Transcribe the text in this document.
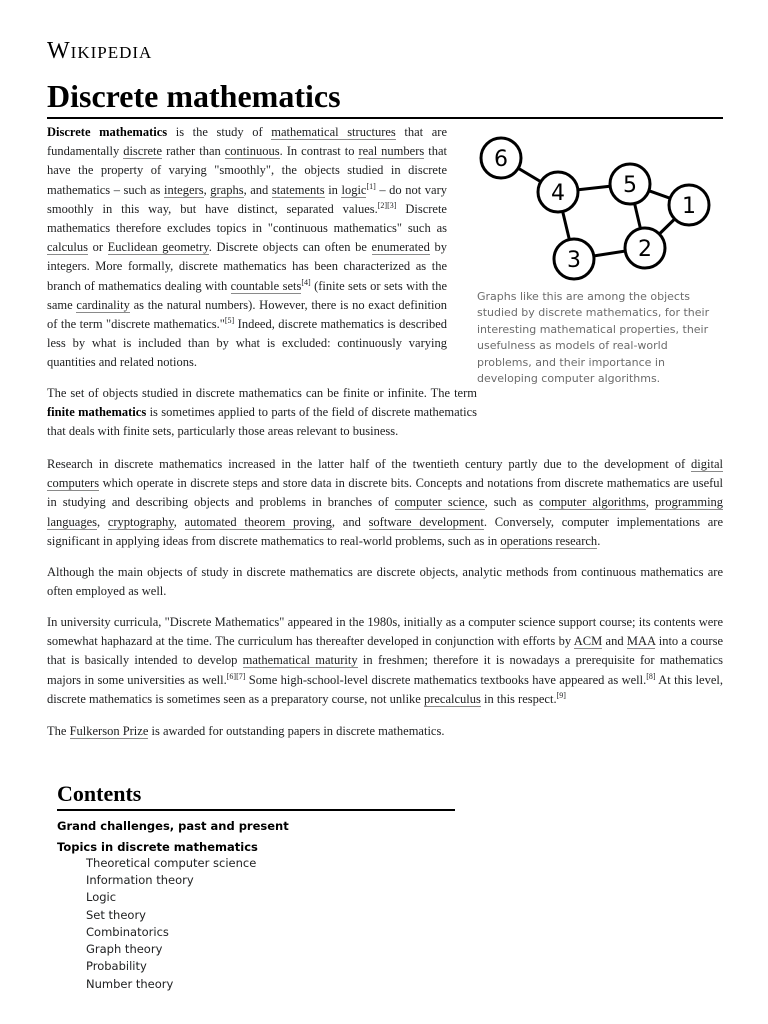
Wikipedia
Discrete mathematics

Discrete mathematics is the study of mathematical structures that are fundamentally discrete rather than continuous. In contrast to real numbers that have the property of varying "smoothly", the objects studied in discrete mathematics – such as integers, graphs, and statements in logic[1] – do not vary smoothly in this way, but have distinct, separated values.[2][3] Discrete mathematics therefore excludes topics in "continuous mathematics" such as calculus or Euclidean geometry. Discrete objects can often be enumerated by integers. More formally, discrete mathematics has been characterized as the branch of mathematics dealing with countable sets[4] (finite sets or sets with the same cardinality as the natural numbers). However, there is no exact definition of the term "discrete mathematics."[5] Indeed, discrete mathematics is described less by what is included than by what is excluded: continuously varying quantities and related notions.

6
4	5
1
3	2

Graphs like this are among the objects studied by discrete mathematics, for their interesting mathematical properties, their usefulness as models of real-world problems, and their importance in developing computer algorithms.

The set of objects studied in discrete mathematics can be finite or infinite. The term finite mathematics is sometimes applied to parts of the field of discrete mathematics that deals with finite sets, particularly those areas relevant to business.

Research in discrete mathematics increased in the latter half of the twentieth century partly due to the development of digital computers which operate in discrete steps and store data in discrete bits. Concepts and notations from discrete mathematics are useful in studying and describing objects and problems in branches of computer science, such as computer algorithms, programming languages, cryptography, automated theorem proving, and software development. Conversely, computer implementations are significant in applying ideas from discrete mathematics to real-world problems, such as in operations research.

Although the main objects of study in discrete mathematics are discrete objects, analytic methods from continuous mathematics are often employed as well.

In university curricula, "Discrete Mathematics" appeared in the 1980s, initially as a computer science support course; its contents were somewhat haphazard at the time. The curriculum has thereafter developed in conjunction with efforts by ACM and MAA into a course that is basically intended to develop mathematical maturity in freshmen; therefore it is nowadays a prerequisite for mathematics majors in some universities as well.[6][7] Some high-school-level discrete mathematics textbooks have appeared as well.[8] At this level, discrete mathematics is sometimes seen as a preparatory course, not unlike precalculus in this respect.[9]

The Fulkerson Prize is awarded for outstanding papers in discrete mathematics.

Contents
Grand challenges, past and present
Topics in discrete mathematics
Theoretical computer science
Information theory
Logic
Set theory
Combinatorics
Graph theory
Probability
Number theory
